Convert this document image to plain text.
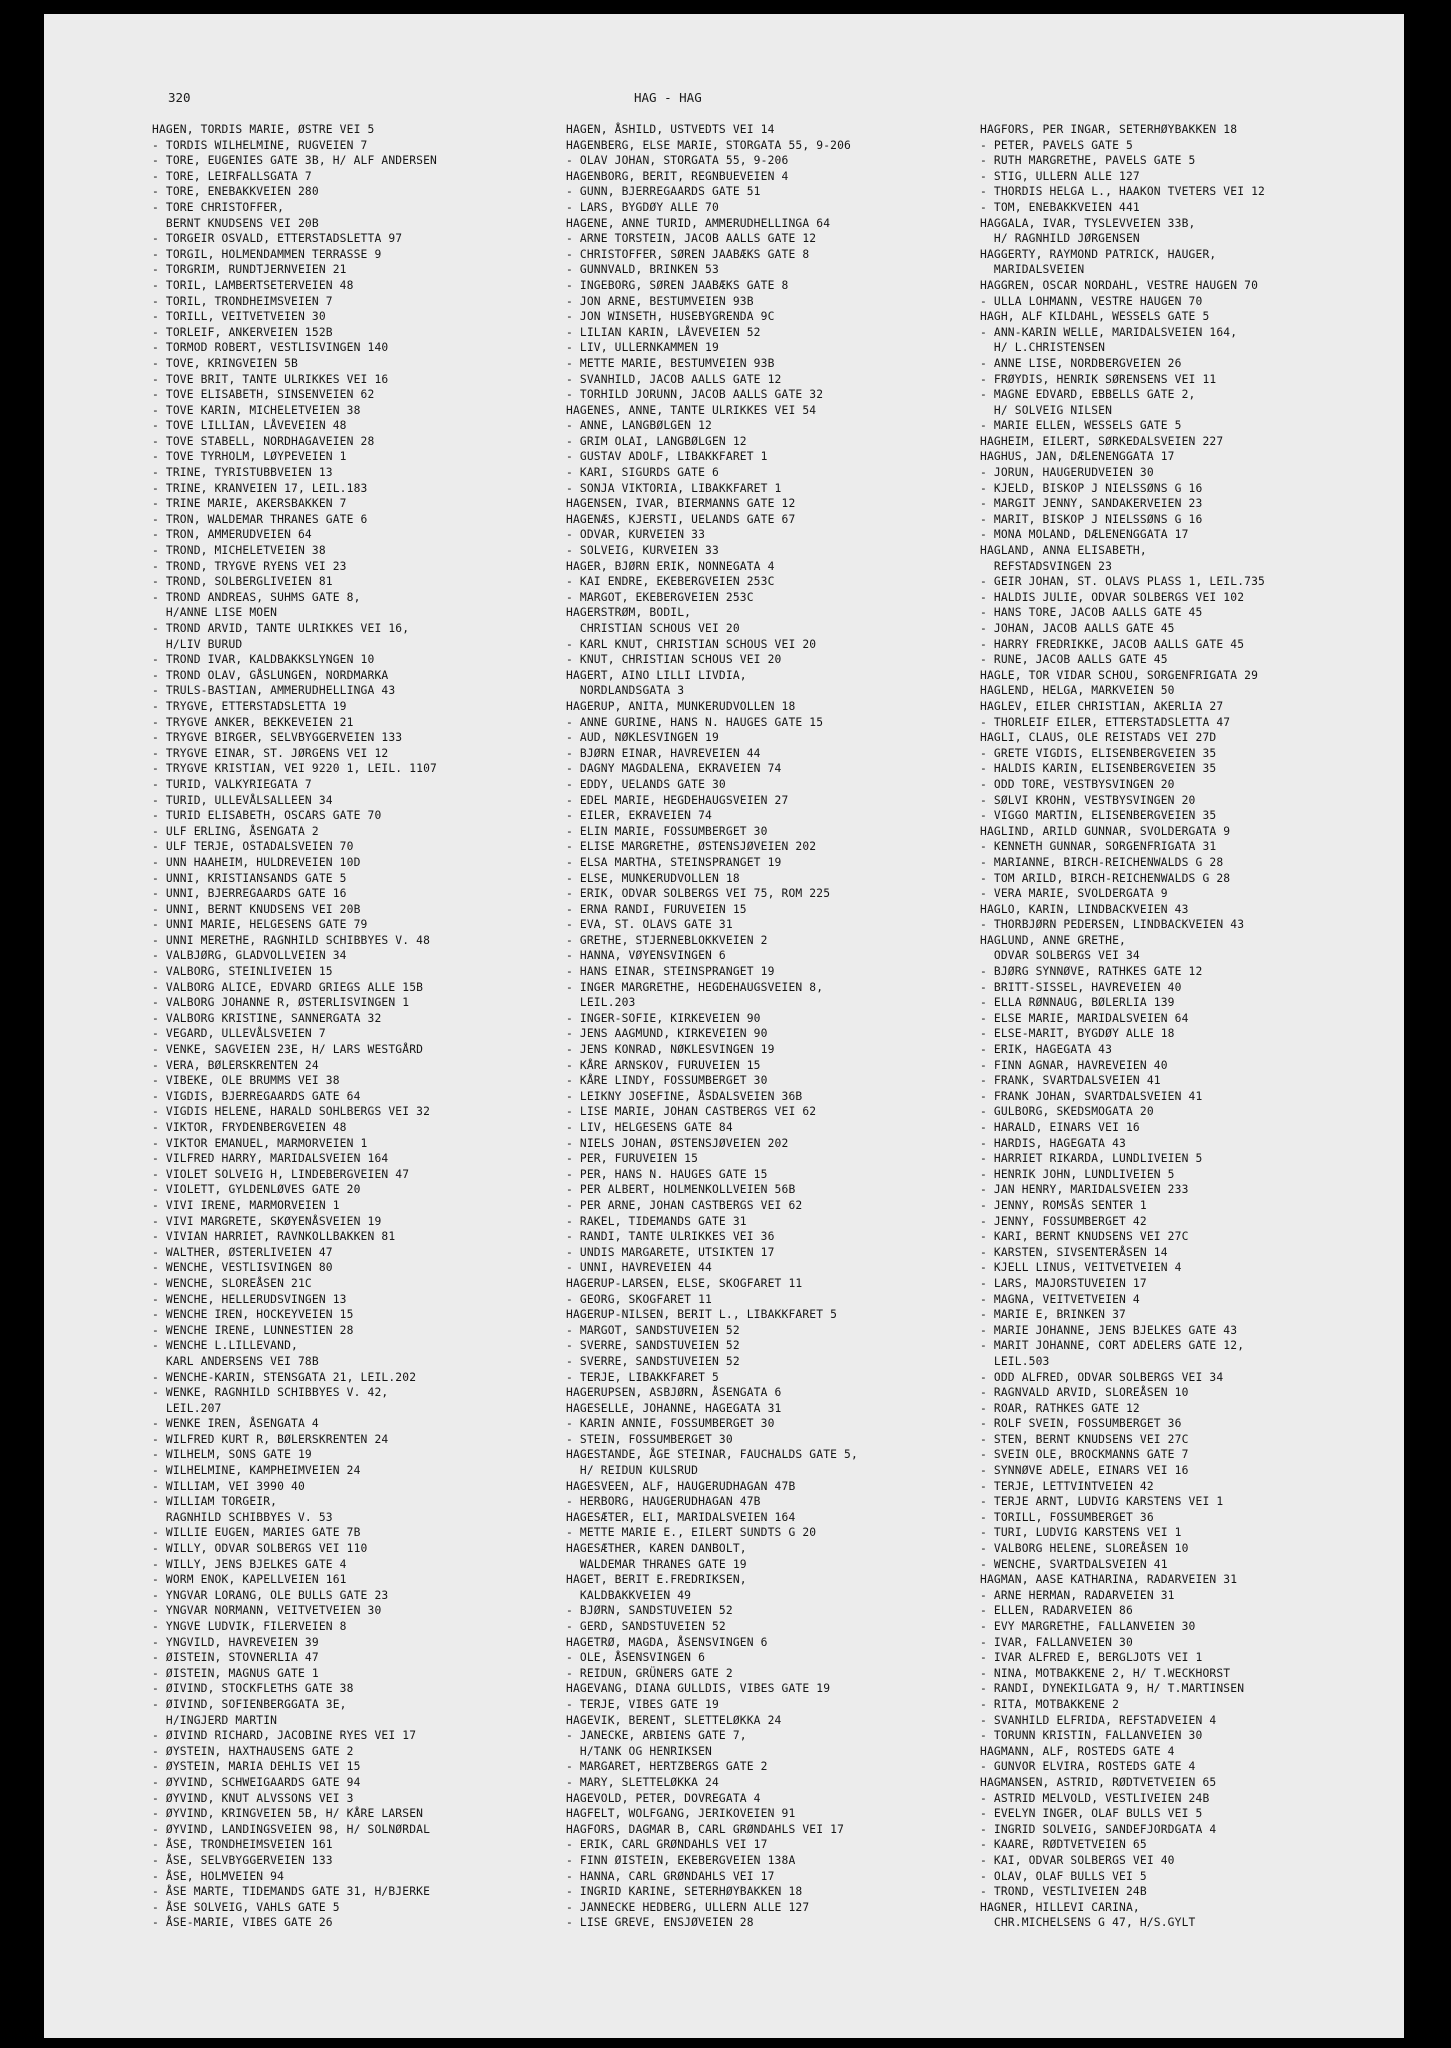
320	HAG - HAG
HAGEN, TORDIS MARIE, ØSTRE VEI 5
- TORDIS WILHELMINE, RUGVEIEN 7
- TORE, EUGENIES GATE 3B, H/ ALF ANDERSEN
- TORE, LEIRFALLSGATA 7
- TORE, ENEBAKKVEIEN 280
- TORE CHRISTOFFER,
BERNT KNUDSENS VEI 20B
- TORGEIR OSVALD, ETTERSTADSLETTA 97
- TORGIL, HOLMENDAMMEN TERRASSE 9
- TORGRIM, RUNDTJERNVEIEN 21
- TORIL, LAMBERTSETERVEIEN 48
- TORIL, TRONDHEIMSVEIEN 7
- TORILL, VEITVETVEIEN 30
- TORLEIF, ANKERVEIEN 152B
- TORMOD ROBERT, VESTLISVINGEN 140
- TOVE, KRINGVEIEN 5B
- TOVE BRIT, TANTE ULRIKKES VEI 16
- TOVE ELISABETH, SINSENVEIEN 62
- TOVE KARIN, MICHELETVEIEN 38
- TOVE LILLIAN, LÅVEVEIEN 48
- TOVE STABELL, NORDHAGAVEIEN 28
- TOVE TYRHOLM, LØYPEVEIEN 1
- TRINE, TYRISTUBBVEIEN 13
- TRINE, KRANVEIEN 17, LEIL.183
- TRINE MARIE, AKERSBAKKEN 7
- TRON, WALDEMAR THRANES GATE 6
- TRON, AMMERUDVEIEN 64
- TROND, MICHELETVEIEN 38
- TROND, TRYGVE RYENS VEI 23
- TROND, SOLBERGLIVEIEN 81
- TROND ANDREAS, SUHMS GATE 8,
H/ANNE LISE MOEN
- TROND ARVID, TANTE ULRIKKES VEI 16,
H/LIV BURUD
- TROND IVAR, KALDBAKKSLYNGEN 10
- TROND OLAV, GÅSLUNGEN, NORDMARKA
- TRULS-BASTIAN, AMMERUDHELLINGA 43
- TRYGVE, ETTERSTADSLETTA 19
- TRYGVE ANKER, BEKKEVEIEN 21
- TRYGVE BIRGER, SELVBYGGERVEIEN 133
- TRYGVE EINAR, ST. JØRGENS VEI 12
- TRYGVE KRISTIAN, VEI 9220 1, LEIL. 1107
- TURID, VALKYRIEGATA 7
- TURID, ULLEVÅLSALLEEN 34
- TURID ELISABETH, OSCARS GATE 70
- ULF ERLING, ÅSENGATA 2
- ULF TERJE, OSTADALSVEIEN 70
- UNN HAAHEIM, HULDREVEIEN 10D
- UNNI, KRISTIANSANDS GATE 5
- UNNI, BJERREGAARDS GATE 16
- UNNI, BERNT KNUDSENS VEI 20B
- UNNI MARIE, HELGESENS GATE 79
- UNNI MERETHE, RAGNHILD SCHIBBYES V. 48
- VALBJØRG, GLADVOLLVEIEN 34
- VALBORG, STEINLIVEIEN 15
- VALBORG ALICE, EDVARD GRIEGS ALLE 15B
- VALBORG JOHANNE R, ØSTERLISVINGEN 1
- VALBORG KRISTINE, SANNERGATA 32
- VEGARD, ULLEVÅLSVEIEN 7
- VENKE, SAGVEIEN 23E, H/ LARS WESTGÅRD
- VERA, BØLERSKRENTEN 24
- VIBEKE, OLE BRUMMS VEI 38
- VIGDIS, BJERREGAARDS GATE 64
- VIGDIS HELENE, HARALD SOHLBERGS VEI 32
- VIKTOR, FRYDENBERGVEIEN 48
- VIKTOR EMANUEL, MARMORVEIEN 1
- VILFRED HARRY, MARIDALSVEIEN 164
- VIOLET SOLVEIG H, LINDEBERGVEIEN 47
- VIOLETT, GYLDENLØVES GATE 20
- VIVI IRENE, MARMORVEIEN 1
- VIVI MARGRETE, SKØYENÅSVEIEN 19
- VIVIAN HARRIET, RAVNKOLLBAKKEN 81
- WALTHER, ØSTERLIVEIEN 47
- WENCHE, VESTLISVINGEN 80
- WENCHE, SLOREÅSEN 21C
- WENCHE, HELLERUDSVINGEN 13
- WENCHE IREN, HOCKEYVEIEN 15
- WENCHE IRENE, LUNNESTIEN 28
- WENCHE L.LILLEVAND,
KARL ANDERSENS VEI 78B
- WENCHE-KARIN, STENSGATA 21, LEIL.202
- WENKE, RAGNHILD SCHIBBYES V. 42,
LEIL.207
- WENKE IREN, ÅSENGATA 4
- WILFRED KURT R, BØLERSKRENTEN 24
- WILHELM, SONS GATE 19
- WILHELMINE, KAMPHEIMVEIEN 24
- WILLIAM, VEI 3990 40
- WILLIAM TORGEIR,
RAGNHILD SCHIBBYES V. 53
- WILLIE EUGEN, MARIES GATE 7B
- WILLY, ODVAR SOLBERGS VEI 110
- WILLY, JENS BJELKES GATE 4
- WORM ENOK, KAPELLVEIEN 161
- YNGVAR LORANG, OLE BULLS GATE 23
- YNGVAR NORMANN, VEITVETVEIEN 30
- YNGVE LUDVIK, FILERVEIEN 8
- YNGVILD, HAVREVEIEN 39
- ØISTEIN, STOVNERLIA 47
- ØISTEIN, MAGNUS GATE 1
- ØIVIND, STOCKFLETHS GATE 38
- ØIVIND, SOFIENBERGGATA 3E,
H/INGJERD MARTIN
- ØIVIND RICHARD, JACOBINE RYES VEI 17
- ØYSTEIN, HAXTHAUSENS GATE 2
- ØYSTEIN, MARIA DEHLIS VEI 15
- ØYVIND, SCHWEIGAARDS GATE 94
- ØYVIND, KNUT ALVSSONS VEI 3
- ØYVIND, KRINGVEIEN 5B, H/ KÅRE LARSEN
- ØYVIND, LANDINGSVEIEN 98, H/ SOLNØRDAL
- ÅSE, TRONDHEIMSVEIEN 161
- ÅSE, SELVBYGGERVEIEN 133
- ÅSE, HOLMVEIEN 94
- ÅSE MARTE, TIDEMANDS GATE 31, H/BJERKE
- ÅSE SOLVEIG, VAHLS GATE 5
- ÅSE-MARIE, VIBES GATE 26
HAGEN, ÅSHILD, USTVEDTS VEI 14
HAGENBERG, ELSE MARIE, STORGATA 55, 9-206
- OLAV JOHAN, STORGATA 55, 9-206
HAGENBORG, BERIT, REGNBUEVEIEN 4
- GUNN, BJERREGAARDS GATE 51
- LARS, BYGDØY ALLE 70
HAGENE, ANNE TURID, AMMERUDHELLINGA 64
- ARNE TORSTEIN, JACOB AALLS GATE 12
- CHRISTOFFER, SØREN JAABÆKS GATE 8
- GUNNVALD, BRINKEN 53
- INGEBORG, SØREN JAABÆKS GATE 8
- JON ARNE, BESTUMVEIEN 93B
- JON WINSETH, HUSEBYGRENDA 9C
- LILIAN KARIN, LÅVEVEIEN 52
- LIV, ULLERNKAMMEN 19
- METTE MARIE, BESTUMVEIEN 93B
- SVANHILD, JACOB AALLS GATE 12
- TORHILD JORUNN, JACOB AALLS GATE 32
HAGENES, ANNE, TANTE ULRIKKES VEI 54
- ANNE, LANGBØLGEN 12
- GRIM OLAI, LANGBØLGEN 12
- GUSTAV ADOLF, LIBAKKFARET 1
- KARI, SIGURDS GATE 6
- SONJA VIKTORIA, LIBAKKFARET 1
HAGENSEN, IVAR, BIERMANNS GATE 12
HAGENÆS, KJERSTI, UELANDS GATE 67
- ODVAR, KURVEIEN 33
- SOLVEIG, KURVEIEN 33
HAGER, BJØRN ERIK, NONNEGATA 4
- KAI ENDRE, EKEBERGVEIEN 253C
- MARGOT, EKEBERGVEIEN 253C
HAGERSTRØM, BODIL,
CHRISTIAN SCHOUS VEI 20
- KARL KNUT, CHRISTIAN SCHOUS VEI 20
- KNUT, CHRISTIAN SCHOUS VEI 20
HAGERT, AINO LILLI LIVDIA,
NORDLANDSGATA 3
HAGERUP, ANITA, MUNKERUDVOLLEN 18
- ANNE GURINE, HANS N. HAUGES GATE 15
- AUD, NØKLESVINGEN 19
- BJØRN EINAR, HAVREVEIEN 44
- DAGNY MAGDALENA, EKRAVEIEN 74
- EDDY, UELANDS GATE 30
- EDEL MARIE, HEGDEHAUGSVEIEN 27
- EILER, EKRAVEIEN 74
- ELIN MARIE, FOSSUMBERGET 30
- ELISE MARGRETHE, ØSTENSJØVEIEN 202
- ELSA MARTHA, STEINSPRANGET 19
- ELSE, MUNKERUDVOLLEN 18
- ERIK, ODVAR SOLBERGS VEI 75, ROM 225
- ERNA RANDI, FURUVEIEN 15
- EVA, ST. OLAVS GATE 31
- GRETHE, STJERNEBLOKKVEIEN 2
- HANNA, VØYENSVINGEN 6
- HANS EINAR, STEINSPRANGET 19
- INGER MARGRETHE, HEGDEHAUGSVEIEN 8,
LEIL.203
- INGER-SOFIE, KIRKEVEIEN 90
- JENS AAGMUND, KIRKEVEIEN 90
- JENS KONRAD, NØKLESVINGEN 19
- KÅRE ARNSKOV, FURUVEIEN 15
- KÅRE LINDY, FOSSUMBERGET 30
- LEIKNY JOSEFINE, ÅSDALSVEIEN 36B
- LISE MARIE, JOHAN CASTBERGS VEI 62
- LIV, HELGESENS GATE 84
- NIELS JOHAN, ØSTENSJØVEIEN 202
- PER, FURUVEIEN 15
- PER, HANS N. HAUGES GATE 15
- PER ALBERT, HOLMENKOLLVEIEN 56B
- PER ARNE, JOHAN CASTBERGS VEI 62
- RAKEL, TIDEMANDS GATE 31
- RANDI, TANTE ULRIKKES VEI 36
- UNDIS MARGARETE, UTSIKTEN 17
- UNNI, HAVREVEIEN 44
HAGERUP-LARSEN, ELSE, SKOGFARET 11
- GEORG, SKOGFARET 11
HAGERUP-NILSEN, BERIT L., LIBAKKFARET 5
- MARGOT, SANDSTUVEIEN 52
- SVERRE, SANDSTUVEIEN 52
- SVERRE, SANDSTUVEIEN 52
- TERJE, LIBAKKFARET 5
HAGERUPSEN, ASBJØRN, ÅSENGATA 6
HAGESELLE, JOHANNE, HAGEGATA 31
- KARIN ANNIE, FOSSUMBERGET 30
- STEIN, FOSSUMBERGET 30
HAGESTANDE, ÅGE STEINAR, FAUCHALDS GATE 5,
H/ REIDUN KULSRUD
HAGESVEEN, ALF, HAUGERUDHAGAN 47B
- HERBORG, HAUGERUDHAGAN 47B
HAGESÆTER, ELI, MARIDALSVEIEN 164
- METTE MARIE E., EILERT SUNDTS G 20
HAGESÆTHER, KAREN DANBOLT,
WALDEMAR THRANES GATE 19
HAGET, BERIT E.FREDRIKSEN,
KALDBAKKVEIEN 49
- BJØRN, SANDSTUVEIEN 52
- GERD, SANDSTUVEIEN 52
HAGETRØ, MAGDA, ÅSENSVINGEN 6
- OLE, ÅSENSVINGEN 6
- REIDUN, GRÜNERS GATE 2
HAGEVANG, DIANA GULLDIS, VIBES GATE 19
- TERJE, VIBES GATE 19
HAGEVIK, BERENT, SLETTELØKKA 24
- JANECKE, ARBIENS GATE 7,
H/TANK OG HENRIKSEN
- MARGARET, HERTZBERGS GATE 2
- MARY, SLETTELØKKA 24
HAGEVOLD, PETER, DOVREGATA 4
HAGFELT, WOLFGANG, JERIKOVEIEN 91
HAGFORS, DAGMAR B, CARL GRØNDAHLS VEI 17
- ERIK, CARL GRØNDAHLS VEI 17
- FINN ØISTEIN, EKEBERGVEIEN 138A
- HANNA, CARL GRØNDAHLS VEI 17
- INGRID KARINE, SETERHØYBAKKEN 18
- JANNECKE HEDBERG, ULLERN ALLE 127
- LISE GREVE, ENSJØVEIEN 28
HAGFORS, PER INGAR, SETERHØYBAKKEN 18
- PETER, PAVELS GATE 5
- RUTH MARGRETHE, PAVELS GATE 5
- STIG, ULLERN ALLE 127
- THORDIS HELGA L., HAAKON TVETERS VEI 12
- TOM, ENEBAKKVEIEN 441
HAGGALA, IVAR, TYSLEVVEIEN 33B,
H/ RAGNHILD JØRGENSEN
HAGGERTY, RAYMOND PATRICK, HAUGER,
MARIDALSVEIEN
HAGGREN, OSCAR NORDAHL, VESTRE HAUGEN 70
- ULLA LOHMANN, VESTRE HAUGEN 70
HAGH, ALF KILDAHL, WESSELS GATE 5
- ANN-KARIN WELLE, MARIDALSVEIEN 164,
H/ L.CHRISTENSEN
- ANNE LISE, NORDBERGVEIEN 26
- FRØYDIS, HENRIK SØRENSENS VEI 11
- MAGNE EDVARD, EBBELLS GATE 2,
H/ SOLVEIG NILSEN
- MARIE ELLEN, WESSELS GATE 5
HAGHEIM, EILERT, SØRKEDALSVEIEN 227
HAGHUS, JAN, DÆLENENGGATA 17
- JORUN, HAUGERUDVEIEN 30
- KJELD, BISKOP J NIELSSØNS G 16
- MARGIT JENNY, SANDAKERVEIEN 23
- MARIT, BISKOP J NIELSSØNS G 16
- MONA MOLAND, DÆLENENGGATA 17
HAGLAND, ANNA ELISABETH,
REFSTADSVINGEN 23
- GEIR JOHAN, ST. OLAVS PLASS 1, LEIL.735
- HALDIS JULIE, ODVAR SOLBERGS VEI 102
- HANS TORE, JACOB AALLS GATE 45
- JOHAN, JACOB AALLS GATE 45
- HARRY FREDRIKKE, JACOB AALLS GATE 45
- RUNE, JACOB AALLS GATE 45
HAGLE, TOR VIDAR SCHOU, SORGENFRIGATA 29
HAGLEND, HELGA, MARKVEIEN 50
HAGLEV, EILER CHRISTIAN, AKERLIA 27
- THORLEIF EILER, ETTERSTADSLETTA 47
HAGLI, CLAUS, OLE REISTADS VEI 27D
- GRETE VIGDIS, ELISENBERGVEIEN 35
- HALDIS KARIN, ELISENBERGVEIEN 35
- ODD TORE, VESTBYSVINGEN 20
- SØLVI KROHN, VESTBYSVINGEN 20
- VIGGO MARTIN, ELISENBERGVEIEN 35
HAGLIND, ARILD GUNNAR, SVOLDERGATA 9
- KENNETH GUNNAR, SORGENFRIGATA 31
- MARIANNE, BIRCH-REICHENWALDS G 28
- TOM ARILD, BIRCH-REICHENWALDS G 28
- VERA MARIE, SVOLDERGATA 9
HAGLO, KARIN, LINDBACKVEIEN 43
- THORBJØRN PEDERSEN, LINDBACKVEIEN 43
HAGLUND, ANNE GRETHE,
ODVAR SOLBERGS VEI 34
- BJØRG SYNNØVE, RATHKES GATE 12
- BRITT-SISSEL, HAVREVEIEN 40
- ELLA RØNNAUG, BØLERLIA 139
- ELSE MARIE, MARIDALSVEIEN 64
- ELSE-MARIT, BYGDØY ALLE 18
- ERIK, HAGEGATA 43
- FINN AGNAR, HAVREVEIEN 40
- FRANK, SVARTDALSVEIEN 41
- FRANK JOHAN, SVARTDALSVEIEN 41
- GULBORG, SKEDSMOGATA 20
- HARALD, EINARS VEI 16
- HARDIS, HAGEGATA 43
- HARRIET RIKARDA, LUNDLIVEIEN 5
- HENRIK JOHN, LUNDLIVEIEN 5
- JAN HENRY, MARIDALSVEIEN 233
- JENNY, ROMSÅS SENTER 1
- JENNY, FOSSUMBERGET 42
- KARI, BERNT KNUDSENS VEI 27C
- KARSTEN, SIVSENTERÅSEN 14
- KJELL LINUS, VEITVETVEIEN 4
- LARS, MAJORSTUVEIEN 17
- MAGNA, VEITVETVEIEN 4
- MARIE E, BRINKEN 37
- MARIE JOHANNE, JENS BJELKES GATE 43
- MARIT JOHANNE, CORT ADELERS GATE 12,
LEIL.503
- ODD ALFRED, ODVAR SOLBERGS VEI 34
- RAGNVALD ARVID, SLOREÅSEN 10
- ROAR, RATHKES GATE 12
- ROLF SVEIN, FOSSUMBERGET 36
- STEN, BERNT KNUDSENS VEI 27C
- SVEIN OLE, BROCKMANNS GATE 7
- SYNNØVE ADELE, EINARS VEI 16
- TERJE, LETTVINTVEIEN 42
- TERJE ARNT, LUDVIG KARSTENS VEI 1
- TORILL, FOSSUMBERGET 36
- TURI, LUDVIG KARSTENS VEI 1
- VALBORG HELENE, SLOREÅSEN 10
- WENCHE, SVARTDALSVEIEN 41
HAGMAN, AASE KATHARINA, RADARVEIEN 31
- ARNE HERMAN, RADARVEIEN 31
- ELLEN, RADARVEIEN 86
- EVY MARGRETHE, FALLANVEIEN 30
- IVAR, FALLANVEIEN 30
- IVAR ALFRED E, BERGLJOTS VEI 1
- NINA, MOTBAKKENE 2, H/ T.WECKHORST
- RANDI, DYNEKILGATA 9, H/ T.MARTINSEN
- RITA, MOTBAKKENE 2
- SVANHILD ELFRIDA, REFSTADVEIEN 4
- TORUNN KRISTIN, FALLANVEIEN 30
HAGMANN, ALF, ROSTEDS GATE 4
- GUNVOR ELVIRA, ROSTEDS GATE 4
HAGMANSEN, ASTRID, RØDTVETVEIEN 65
- ASTRID MELVOLD, VESTLIVEIEN 24B
- EVELYN INGER, OLAF BULLS VEI 5
- INGRID SOLVEIG, SANDEFJORDGATA 4
- KAARE, RØDTVETVEIEN 65
- KAI, ODVAR SOLBERGS VEI 40
- OLAV, OLAF BULLS VEI 5
- TROND, VESTLIVEIEN 24B
HAGNER, HILLEVI CARINA,
CHR.MICHELSENS G 47, H/S.GYLT
